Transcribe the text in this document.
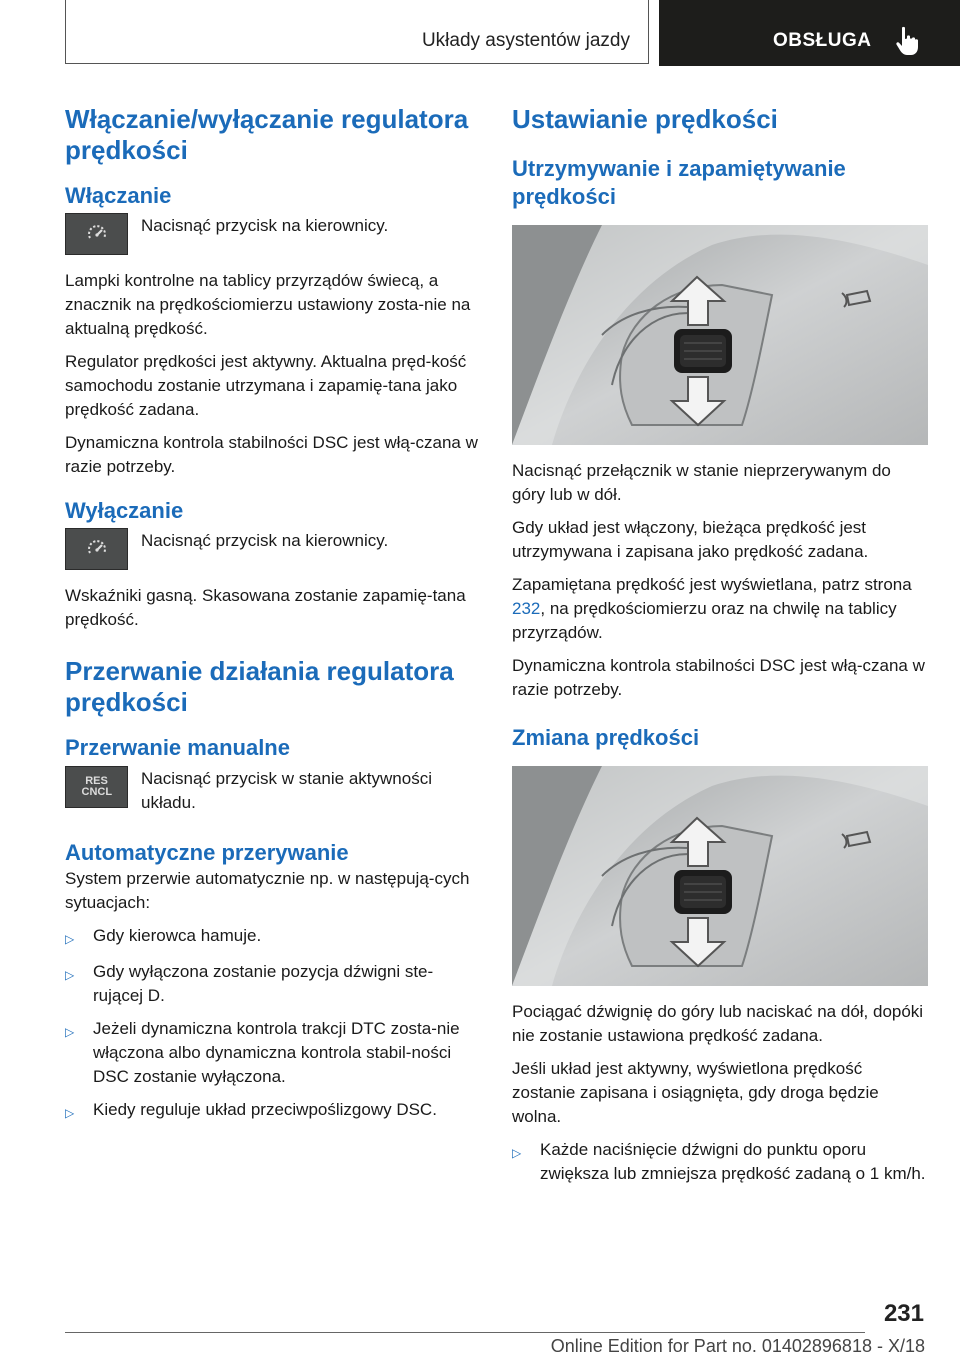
Układy asystentów jazdy	OBSŁUGA
Włączanie/wyłączanie regulatora prędkości
Włączanie
Nacisnąć przycisk na kierownicy.

Lampki kontrolne na tablicy przyrządów świecą, a znacznik na prędkościomierzu ustawiony zosta-nie na aktualną prędkość.

Regulator prędkości jest aktywny. Aktualna pręd-kość samochodu zostanie utrzymana i zapamię-tana jako prędkość zadana.

Dynamiczna kontrola stabilności DSC jest włą-czana w razie potrzeby.

Wyłączanie
Nacisnąć przycisk na kierownicy.

Wskaźniki gasną. Skasowana zostanie zapamię-tana prędkość.

Przerwanie działania regulatora prędkości
Przerwanie manualne
RES CNCL
Nacisnąć przycisk w stanie aktywności układu.
Automatyczne przerywanie

System przerwie automatycznie np. w następują-cych sytuacjach:

▷	Gdy kierowca hamuje.
▷	Gdy wyłączona zostanie pozycja dźwigni ste-rującej D.
▷	Jeżeli dynamiczna kontrola trakcji DTC zosta-nie włączona albo dynamiczna kontrola stabil-ności DSC zostanie wyłączona.
▷	Kiedy reguluje układ przeciwpoślizgowy DSC.
Ustawianie prędkości
Utrzymywanie i zapamiętywanie prędkości

Nacisnąć przełącznik w stanie nieprzerywanym do góry lub w dół.

Gdy układ jest włączony, bieżąca prędkość jest utrzymywana i zapisana jako prędkość zadana.

Zapamiętana prędkość jest wyświetlana, patrz strona 232, na prędkościomierzu oraz na chwilę na tablicy przyrządów.

Dynamiczna kontrola stabilności DSC jest włą-czana w razie potrzeby.

Zmiana prędkości

Pociągać dźwignię do góry lub naciskać na dół, dopóki nie zostanie ustawiona prędkość zadana.

Jeśli układ jest aktywny, wyświetlona prędkość zostanie zapisana i osiągnięta, gdy droga będzie wolna.

▷	Każde naciśnięcie dźwigni do punktu oporu zwiększa lub zmniejsza prędkość zadaną o 1 km/h.
231
Online Edition for Part no. 01402896818 - X/18
